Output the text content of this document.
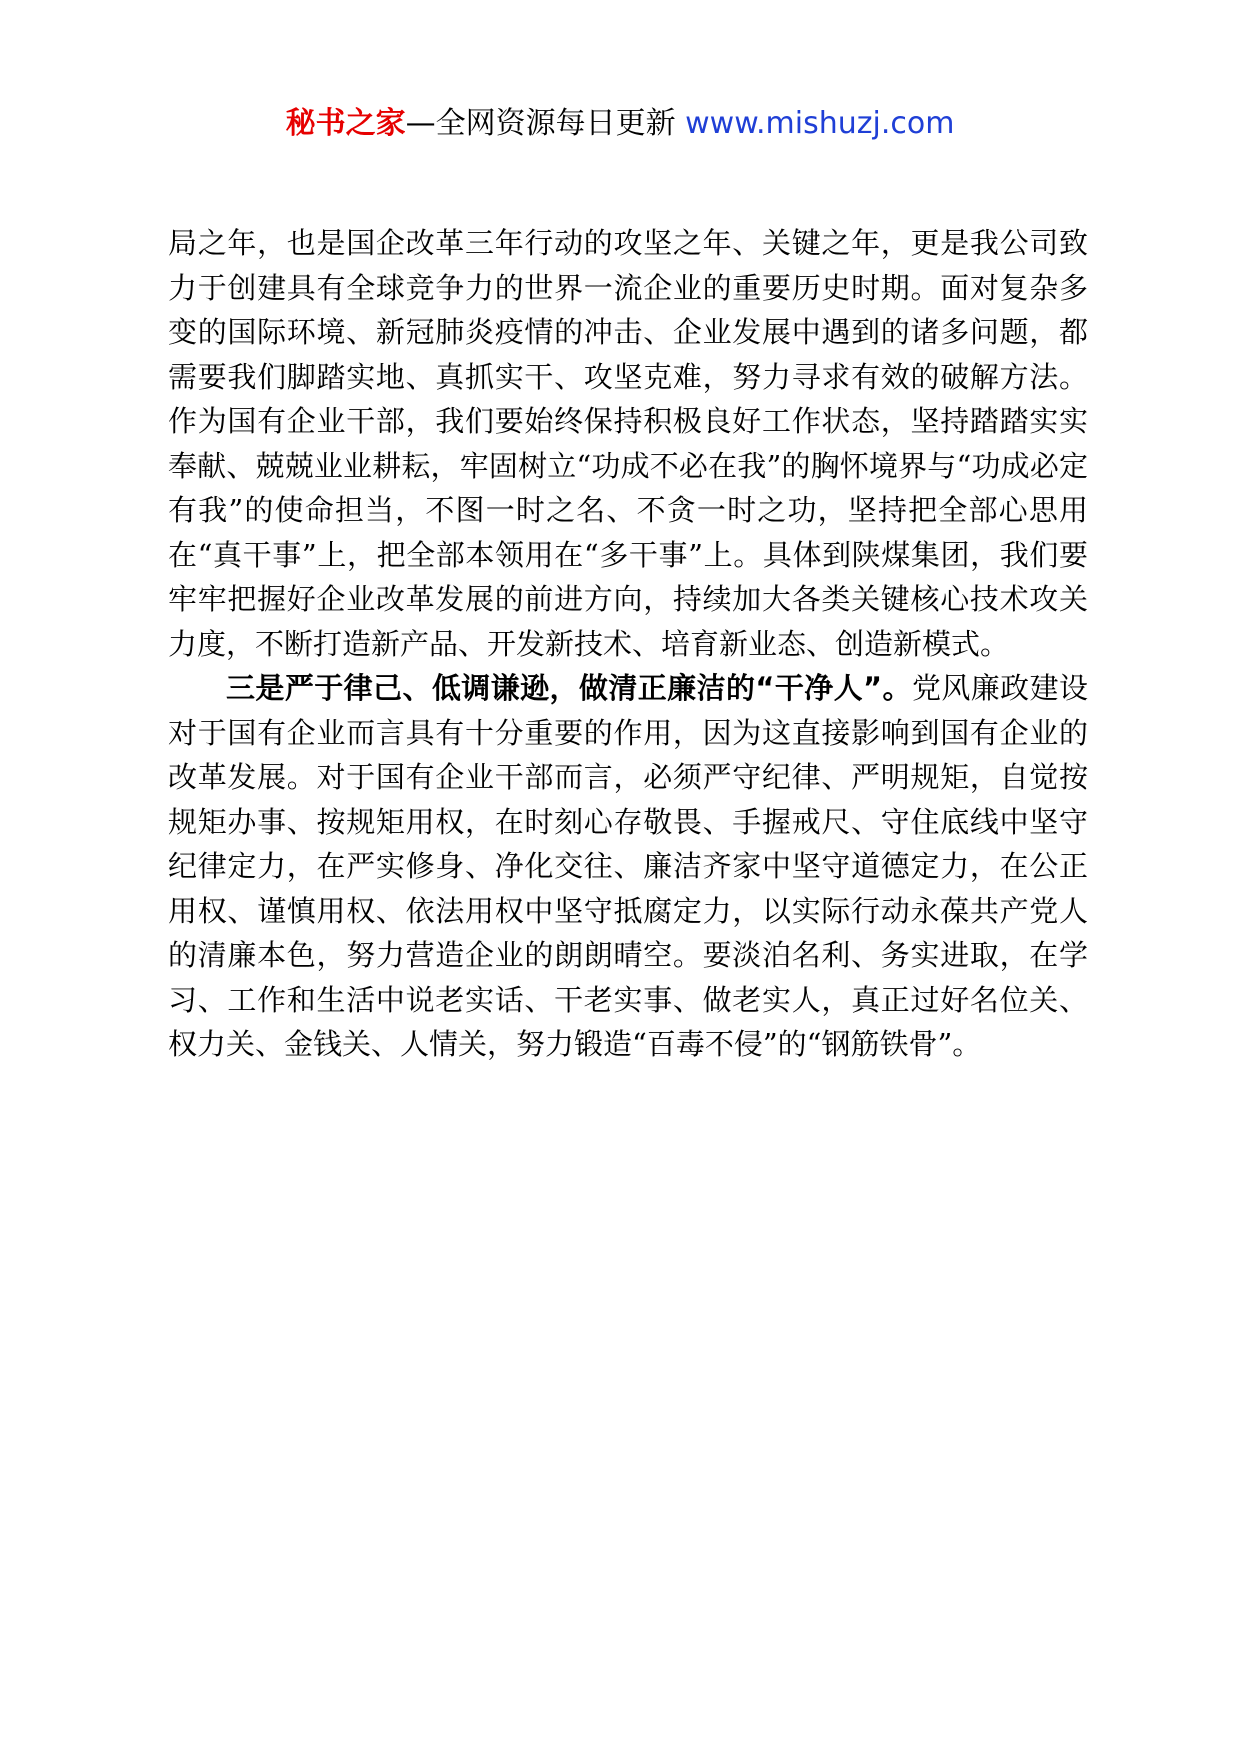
秘书之家—全网资源每日更新 www.mishuzj.com

局之年，也是国企改革三年行动的攻坚之年、关键之年，更是我公司致力于创建具有全球竞争力的世界一流企业的重要历史时期。面对复杂多变的国际环境、新冠肺炎疫情的冲击、企业发展中遇到的诸多问题，都需要我们脚踏实地、真抓实干、攻坚克难，努力寻求有效的破解方法。作为国有企业干部，我们要始终保持积极良好工作状态，坚持踏踏实实奉献、兢兢业业耕耘，牢固树立“功成不必在我”的胸怀境界与“功成必定有我”的使命担当，不图一时之名、不贪一时之功，坚持把全部心思用在“真干事”上，把全部本领用在“多干事”上。具体到陕煤集团，我们要牢牢把握好企业改革发展的前进方向，持续加大各类关键核心技术攻关力度，不断打造新产品、开发新技术、培育新业态、创造新模式。

三是严于律己、低调谦逊，做清正廉洁的“干净人”。党风廉政建设对于国有企业而言具有十分重要的作用，因为这直接影响到国有企业的改革发展。对于国有企业干部而言，必须严守纪律、严明规矩，自觉按规矩办事、按规矩用权，在时刻心存敬畏、手握戒尺、守住底线中坚守纪律定力，在严实修身、净化交往、廉洁齐家中坚守道德定力，在公正用权、谨慎用权、依法用权中坚守抵腐定力，以实际行动永葆共产党人的清廉本色，努力营造企业的朗朗晴空。要淡泊名利、务实进取，在学习、工作和生活中说老实话、干老实事、做老实人，真正过好名位关、权力关、金钱关、人情关，努力锻造“百毒不侵”的“钢筋铁骨”。
